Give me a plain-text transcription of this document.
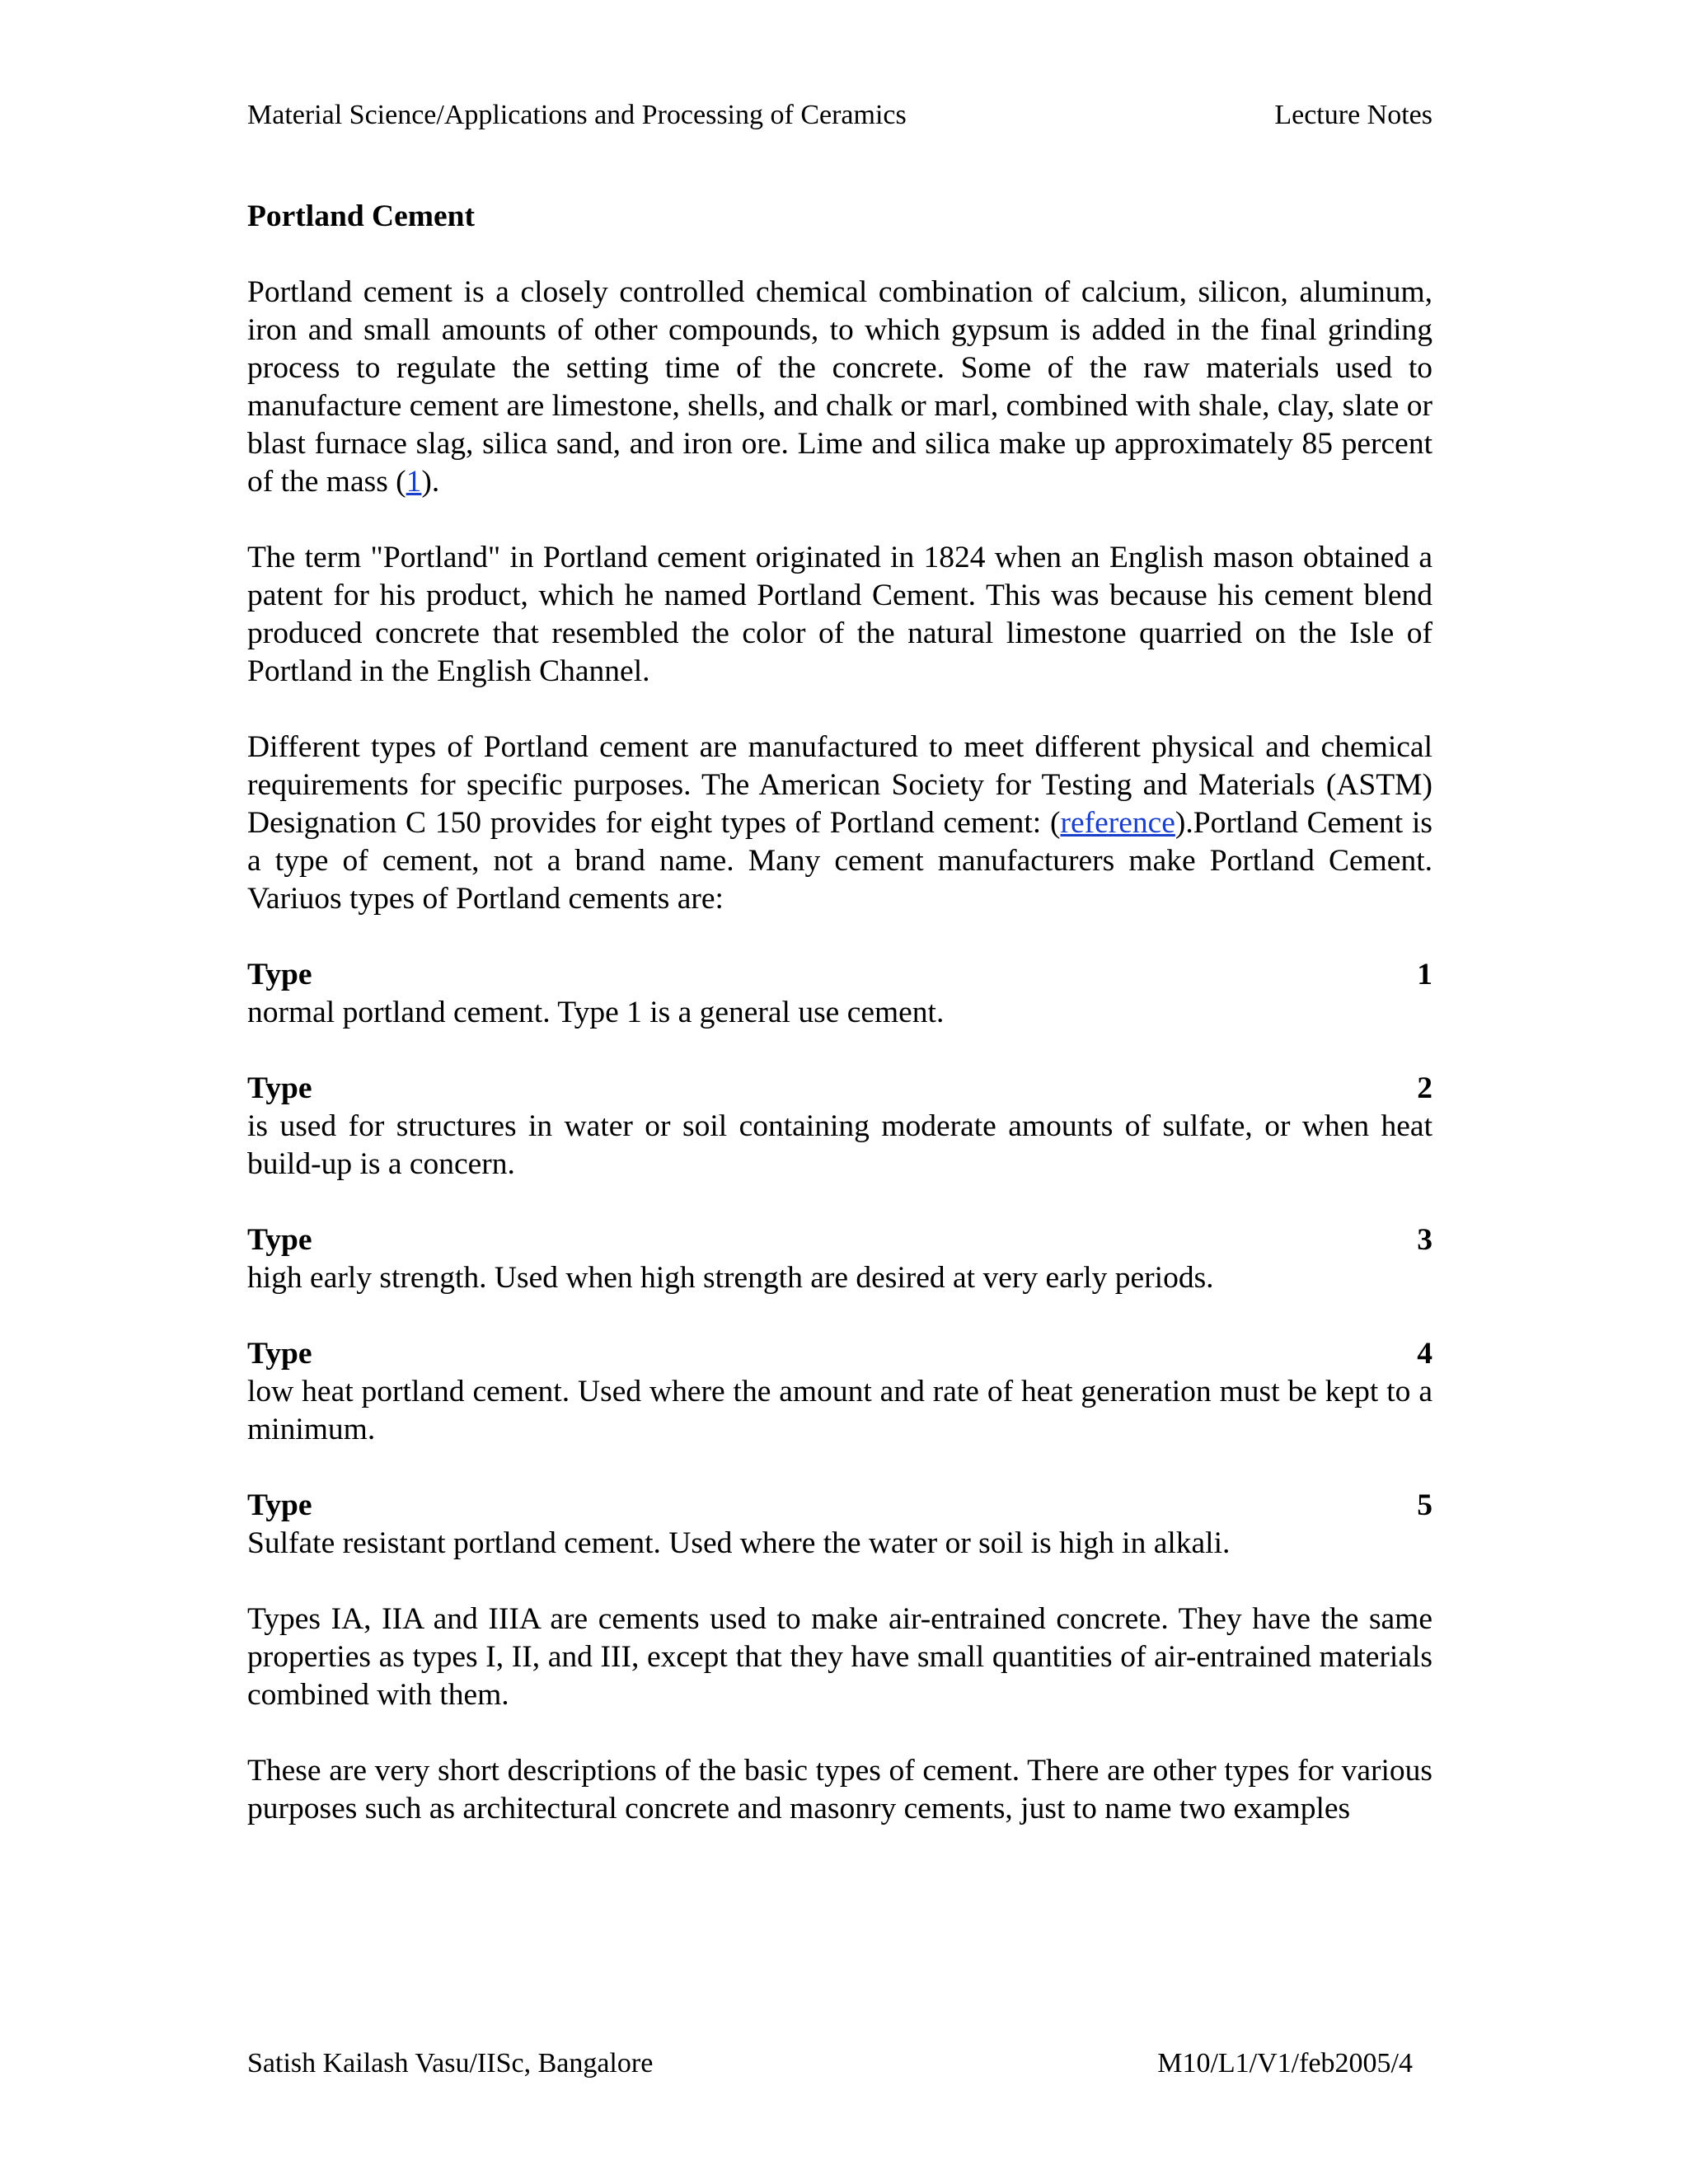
Material Science/Applications and Processing of Ceramics	Lecture Notes
Portland Cement
Portland cement is a closely controlled chemical combination of calcium, silicon, aluminum, iron and small amounts of other compounds, to which gypsum is added in the final grinding process to regulate the setting time of the concrete. Some of the raw materials used to manufacture cement are limestone, shells, and chalk or marl, combined with shale, clay, slate or blast furnace slag, silica sand, and iron ore. Lime and silica make up approximately 85 percent of the mass (1).
The term "Portland" in Portland cement originated in 1824 when an English mason obtained a patent for his product, which he named Portland Cement. This was because his cement blend produced concrete that resembled the color of the natural limestone quarried on the Isle of Portland in the English Channel.
Different types of Portland cement are manufactured to meet different physical and chemical requirements for specific purposes. The American Society for Testing and Materials (ASTM) Designation C 150 provides for eight types of Portland cement: (reference).Portland Cement is a type of cement, not a brand name. Many cement manufacturers make Portland Cement. Variuos types of Portland cements are:
Type	1
normal portland cement. Type 1 is a general use cement.
Type	2
is used for structures in water or soil containing moderate amounts of sulfate, or when heat build-up is a concern.
Type	3
high early strength. Used when high strength are desired at very early periods.
Type	4
low heat portland cement. Used where the amount and rate of heat generation must be kept to a minimum.
Type	5
Sulfate resistant portland cement. Used where the water or soil is high in alkali.
Types IA, IIA and IIIA are cements used to make air-entrained concrete. They have the same properties as types I, II, and III, except that they have small quantities of air-entrained materials combined with them.
These are very short descriptions of the basic types of cement. There are other types for various purposes such as architectural concrete and masonry cements, just to name two examples
Satish Kailash Vasu/IISc, Bangalore	M10/L1/V1/feb2005/4
